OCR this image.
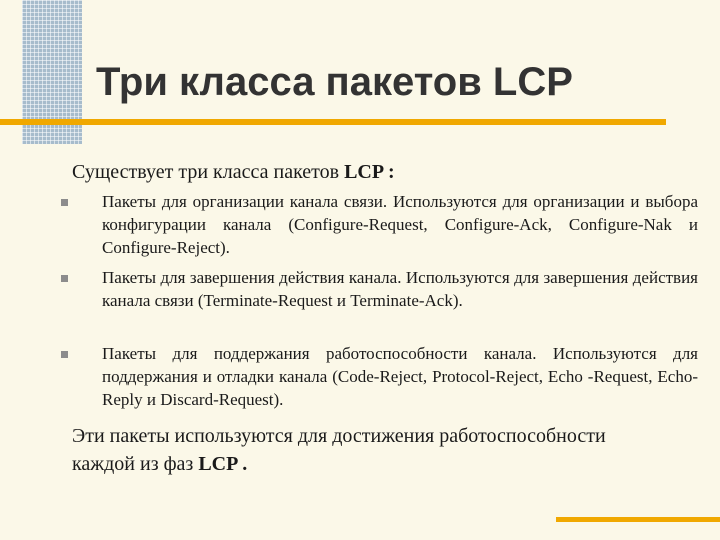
Три класса пакетов LCP

Существует три класса пакетов LCP :

Пакеты для организации канала связи. Используются для организации и выбора конфигурации канала (Configure-Request, Configure-Ack, Configure-Nak и Configure-Reject).
Пакеты для завершения действия канала. Используются для завершения действия канала связи (Terminate-Request и Terminate-Ack).
Пакеты для поддержания работоспособности канала. Используются для поддержания и отладки канала (Code-Reject, Protocol-Reject, Echo -Request, Echo-Reply и Discard-Request).

Эти пакеты используются для достижения работоспособности каждой из фаз LCP .
